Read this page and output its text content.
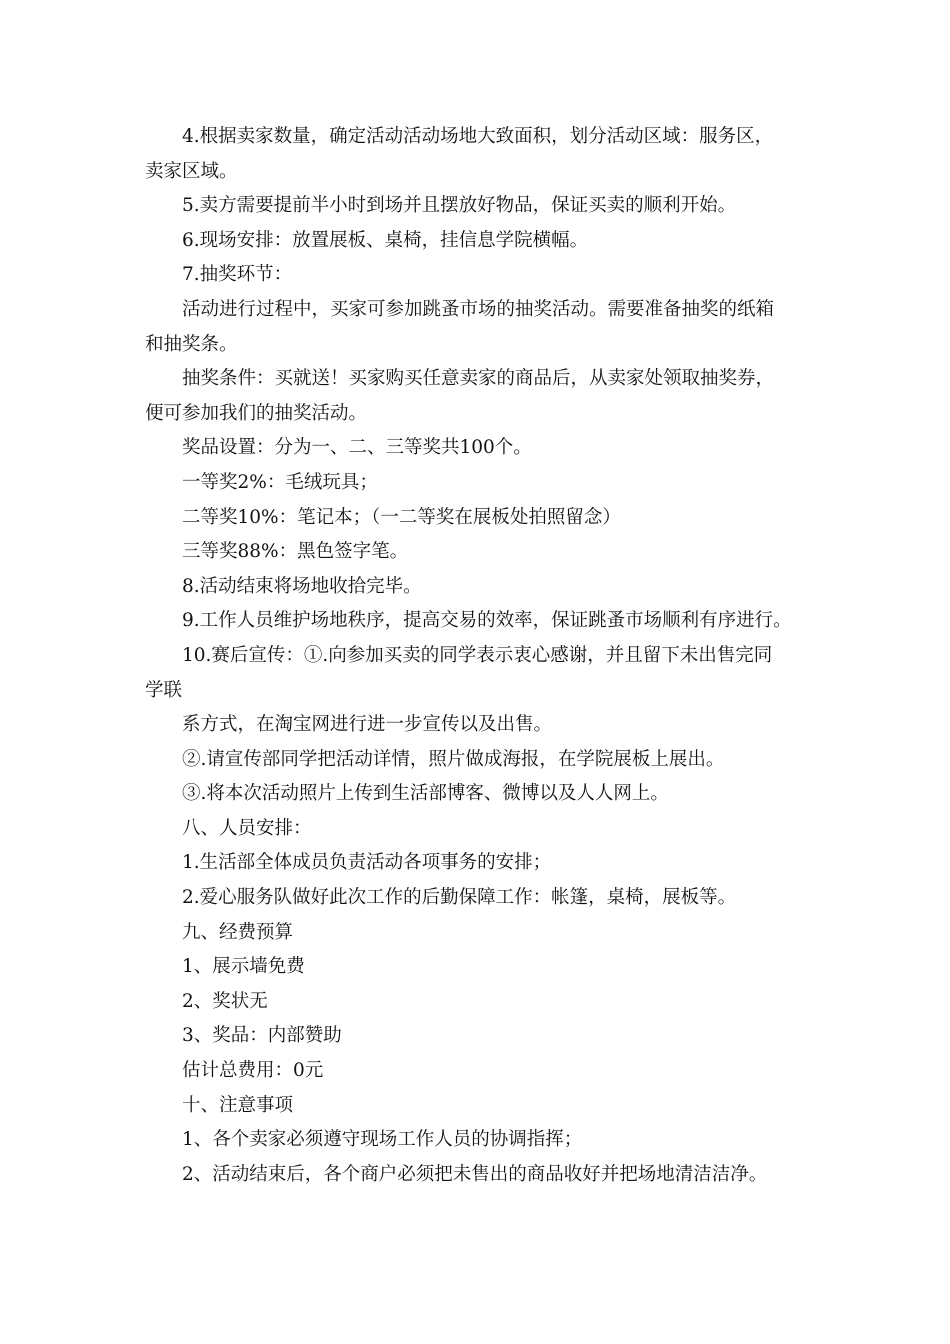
4.根据卖家数量，确定活动活动场地大致面积，划分活动区域：服务区，
卖家区域。
5.卖方需要提前半小时到场并且摆放好物品，保证买卖的顺利开始。
6.现场安排：放置展板、桌椅，挂信息学院横幅。
7.抽奖环节：
活动进行过程中，买家可参加跳蚤市场的抽奖活动。需要准备抽奖的纸箱
和抽奖条。
抽奖条件：买就送！买家购买任意卖家的商品后，从卖家处领取抽奖券，
便可参加我们的抽奖活动。
奖品设置：分为一、二、三等奖共100个。
一等奖2%：毛绒玩具；
二等奖10%：笔记本；（一二等奖在展板处拍照留念）
三等奖88%：黑色签字笔。
8.活动结束将场地收拾完毕。
9.工作人员维护场地秩序，提高交易的效率，保证跳蚤市场顺利有序进行。
10.赛后宣传：①.向参加买卖的同学表示衷心感谢，并且留下未出售完同
学联
系方式，在淘宝网进行进一步宣传以及出售。
②.请宣传部同学把活动详情，照片做成海报，在学院展板上展出。
③.将本次活动照片上传到生活部博客、微博以及人人网上。
八、人员安排：
1.生活部全体成员负责活动各项事务的安排；
2.爱心服务队做好此次工作的后勤保障工作：帐篷，桌椅，展板等。
九、经费预算
1、展示墙免费
2、奖状无
3、奖品：内部赞助
估计总费用：0元
十、注意事项
1、各个卖家必须遵守现场工作人员的协调指挥；
2、活动结束后，各个商户必须把未售出的商品收好并把场地清洁洁净。
